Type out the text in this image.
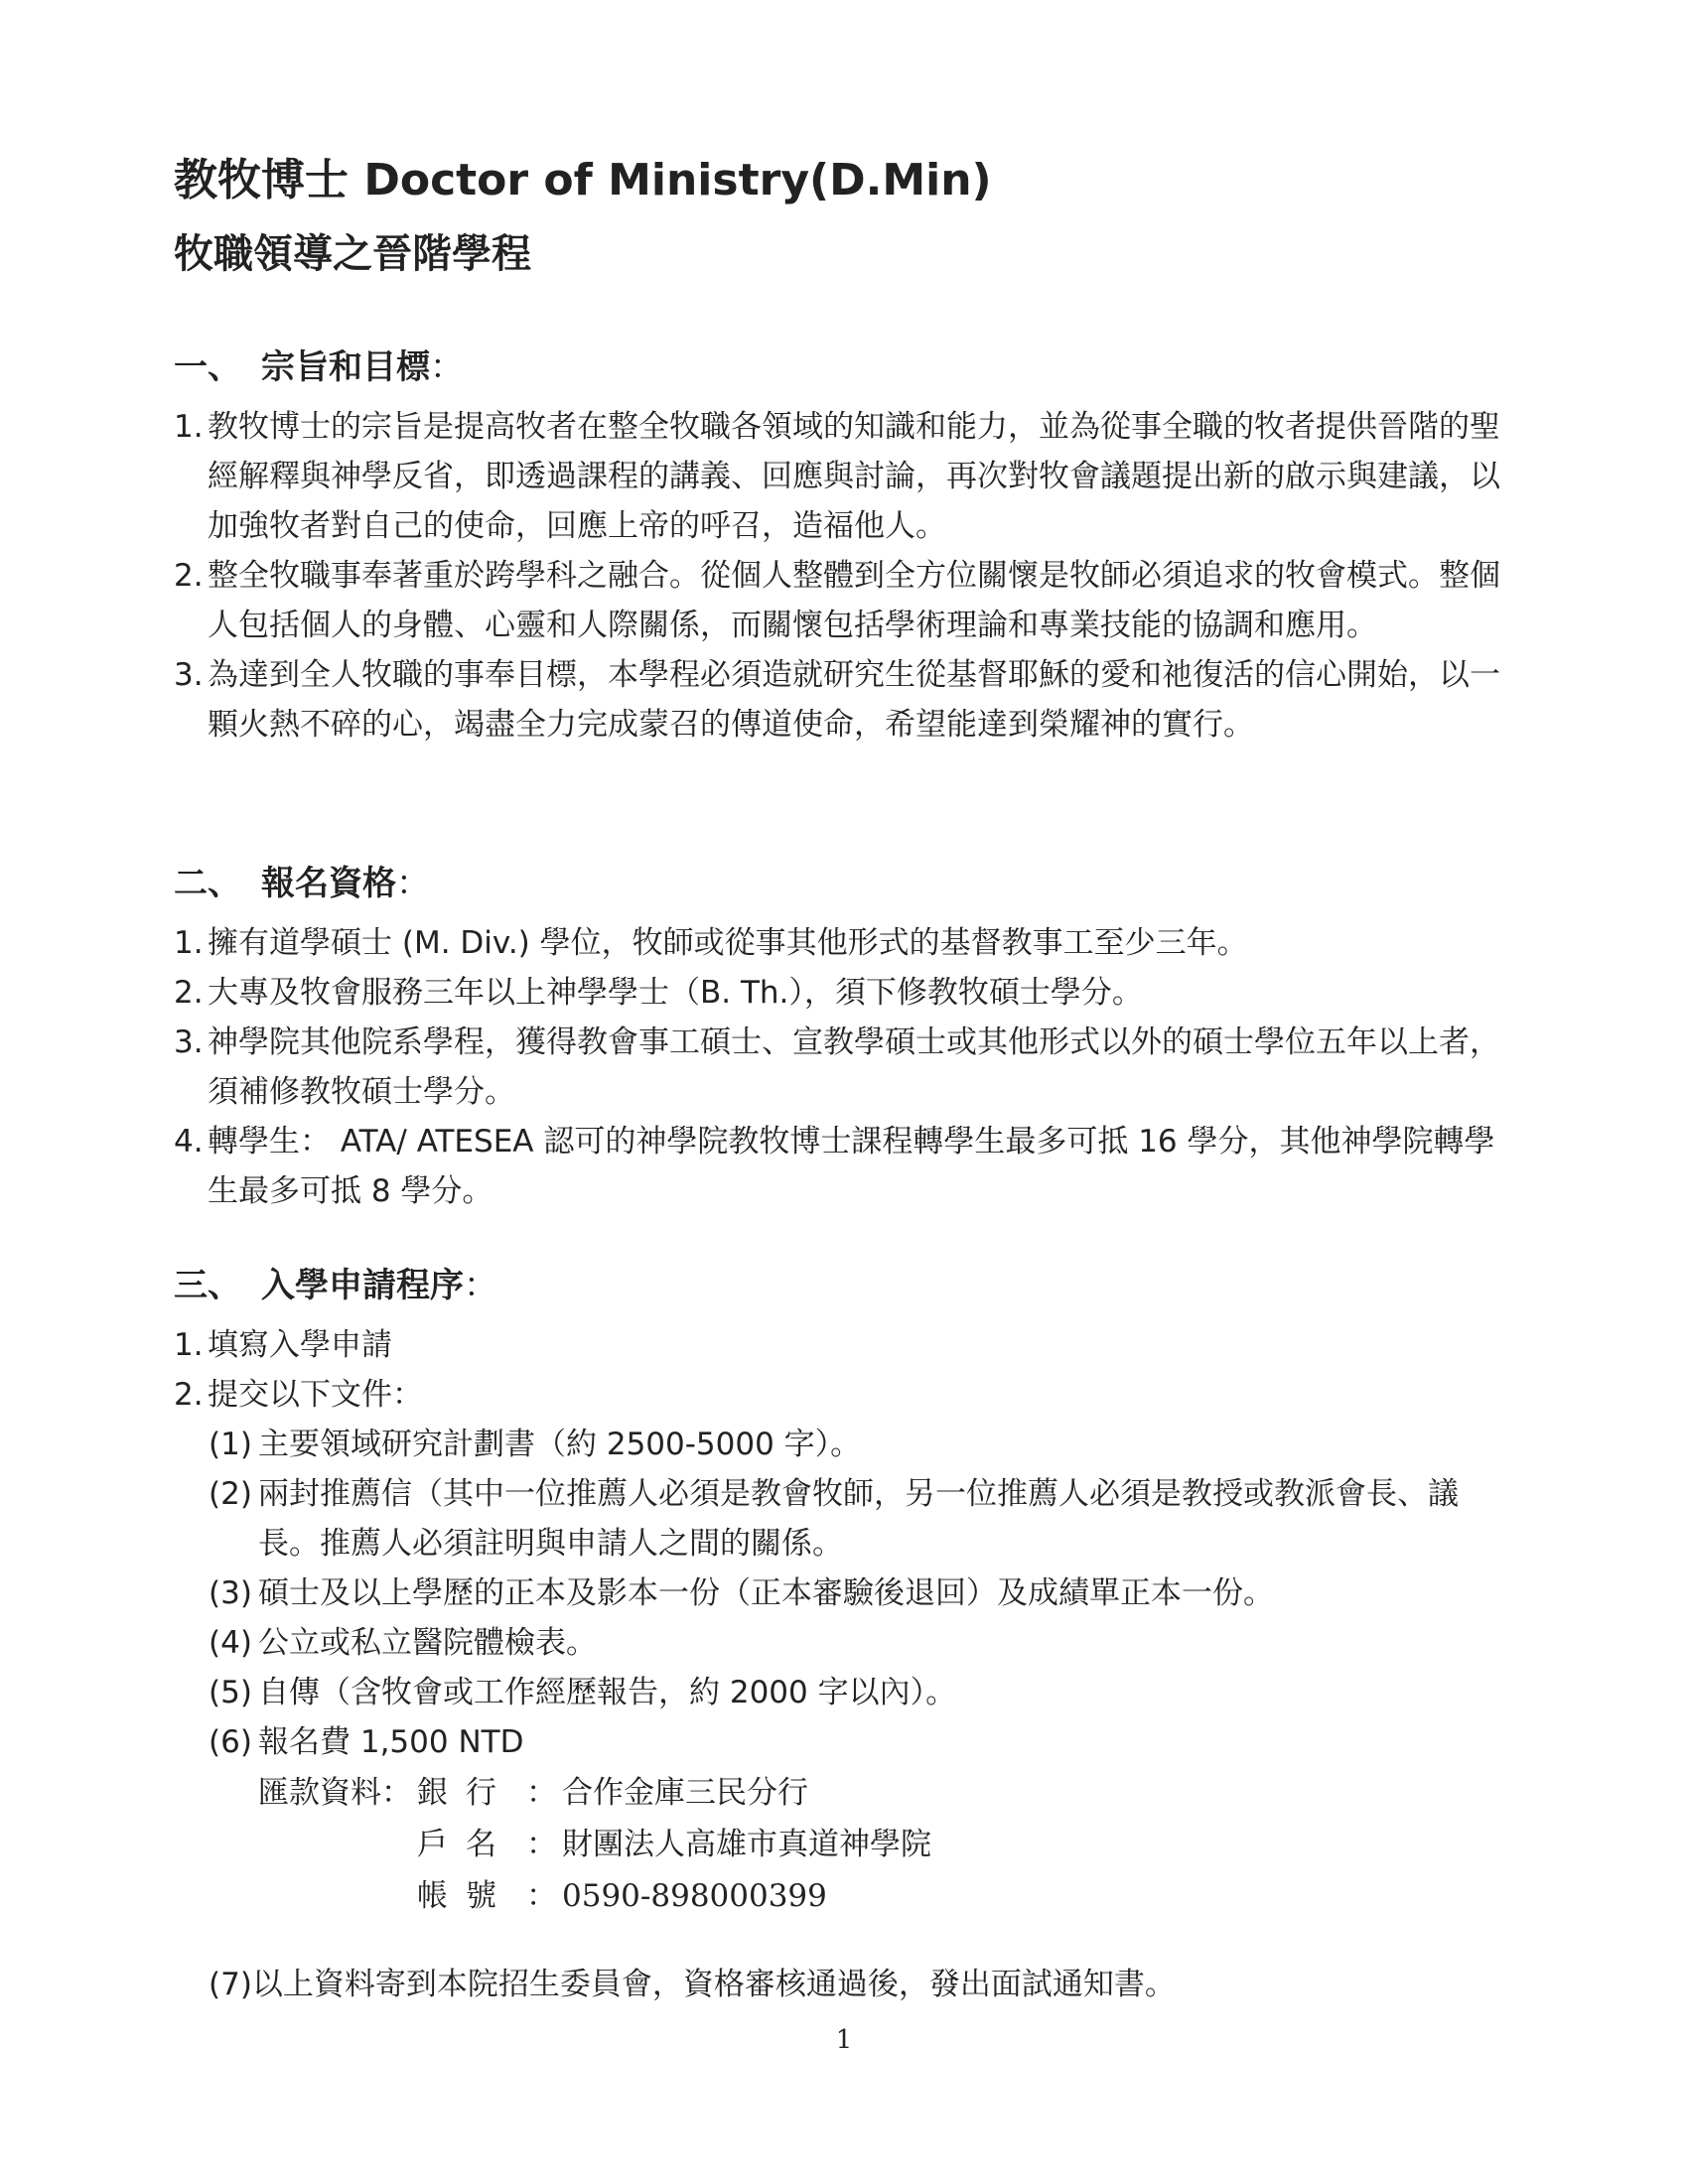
教牧博士 Doctor of Ministry(D.Min)
牧職領導之晉階學程
一、 宗旨和目標：

1. 教牧博士的宗旨是提高牧者在整全牧職各領域的知識和能力，並為從事全職的牧者提供晉階的聖經解釋與神學反省，即透過課程的講義、回應與討論，再次對牧會議題提出新的啟示與建議，以加強牧者對自己的使命，回應上帝的呼召，造福他人。

2. 整全牧職事奉著重於跨學科之融合。從個人整體到全方位關懷是牧師必須追求的牧會模式。整個人包括個人的身體、心靈和人際關係，而關懷包括學術理論和專業技能的協調和應用。

3. 為達到全人牧職的事奉目標，本學程必須造就研究生從基督耶穌的愛和祂復活的信心開始，以一顆火熱不碎的心，竭盡全力完成蒙召的傳道使命，希望能達到榮耀神的實行。

二、 報名資格：

1. 擁有道學碩士 (M. Div.) 學位，牧師或從事其他形式的基督教事工至少三年。

2. 大專及牧會服務三年以上神學學士（B. Th.），須下修教牧碩士學分。

3. 神學院其他院系學程，獲得教會事工碩士、宣教學碩士或其他形式以外的碩士學位五年以上者，須補修教牧碩士學分。

4. 轉學生： ATA/ ATESEA 認可的神學院教牧博士課程轉學生最多可抵 16 學分，其他神學院轉學生最多可抵 8 學分。

三、 入學申請程序：

1. 填寫入學申請

2. 提交以下文件：

(1) 主要領域研究計劃書（約 2500-5000 字）。

(2) 兩封推薦信（其中一位推薦人必須是教會牧師，另一位推薦人必須是教授或教派會長、議長。推薦人必須註明與申請人之間的關係。

(3) 碩士及以上學歷的正本及影本一份（正本審驗後退回）及成績單正本一份。

(4) 公立或私立醫院體檢表。

(5) 自傳（含牧會或工作經歷報告，約 2000 字以內）。

(6) 報名費 1,500 NTD

匯款資料： 銀行 ： 合作金庫三民分行

戶名 ： 財團法人高雄市真道神學院

帳號 ： 0590-898000399

(7)以上資料寄到本院招生委員會，資格審核通過後，發出面試通知書。

1
